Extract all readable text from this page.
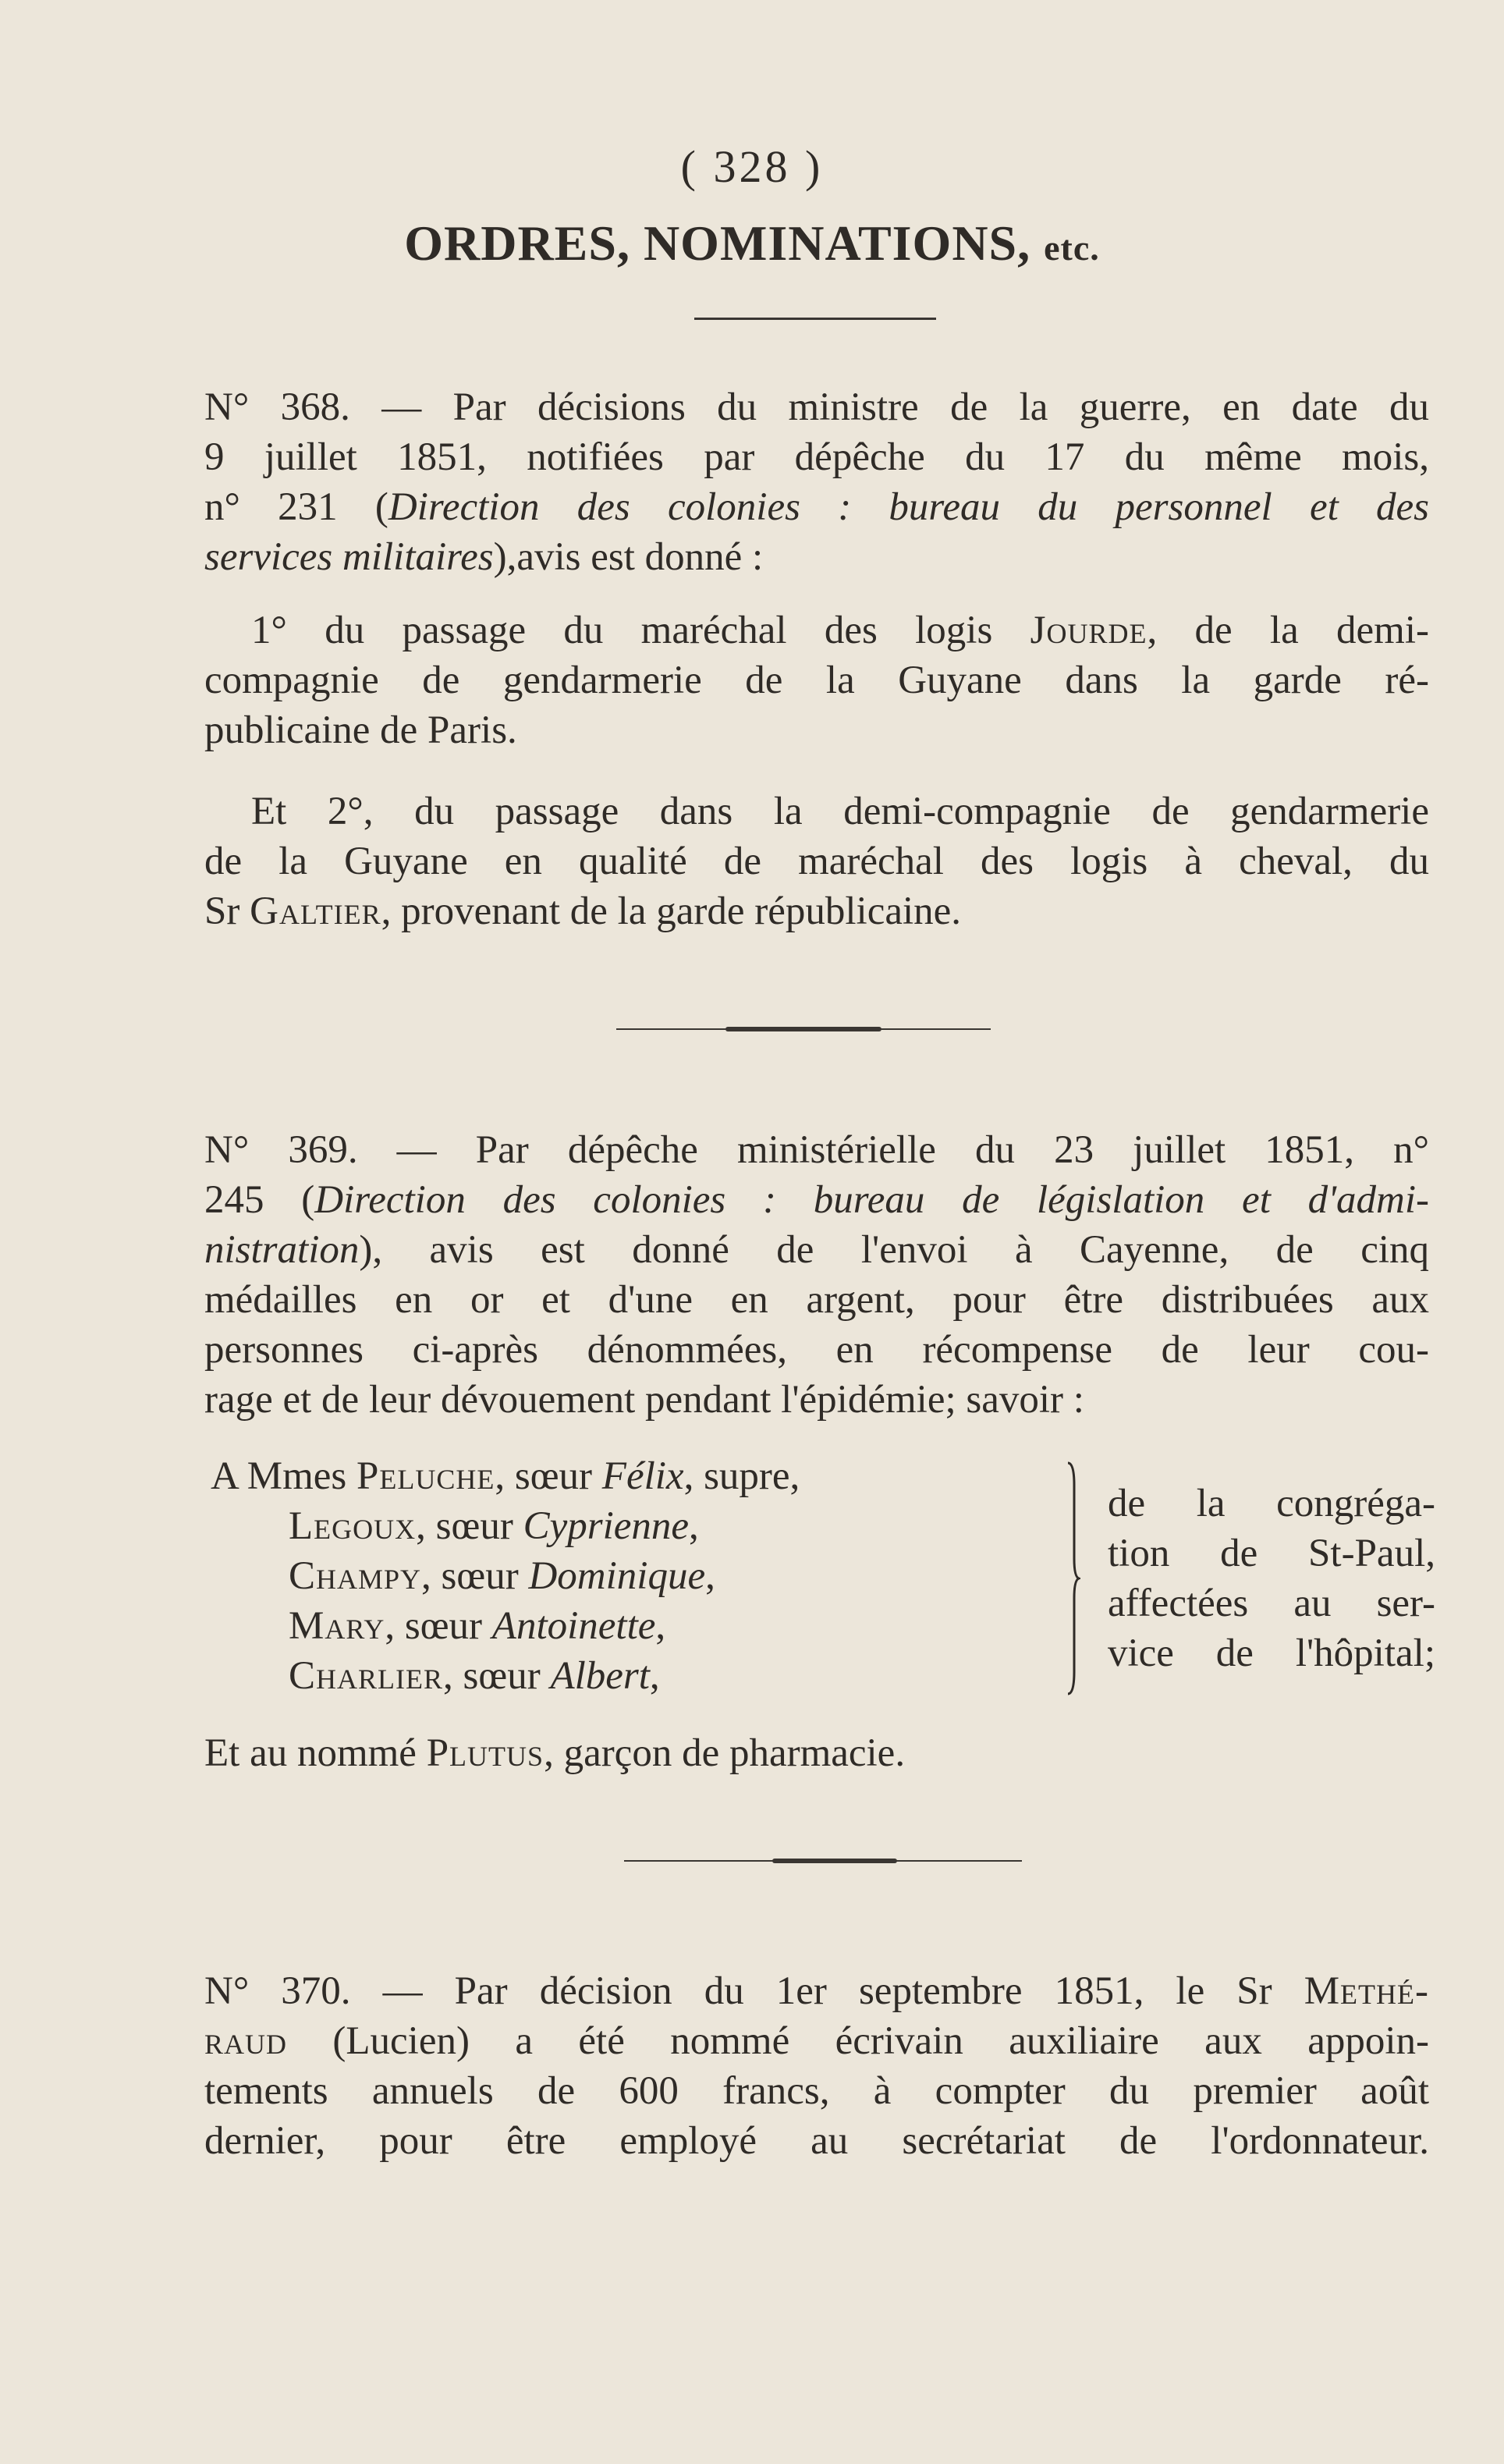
( 328 )
ORDRES, NOMINATIONS, etc.
N° 368. — Par décisions du ministre de la guerre, en date du
9 juillet 1851, notifiées par dépêche du 17 du même mois,
n° 231 (Direction des colonies : bureau du personnel et des
services militaires),avis est donné :
1° du passage du maréchal des logis Jourde, de la demi-
compagnie de gendarmerie de la Guyane dans la garde ré-
publicaine de Paris.
Et 2°, du passage dans la demi-compagnie de gendarmerie
de la Guyane en qualité de maréchal des logis à cheval, du
Sr Galtier, provenant de la garde républicaine.
N° 369. — Par dépêche ministérielle du 23 juillet 1851, n°
245 (Direction des colonies : bureau de législation et d'admi-
nistration), avis est donné de l'envoi à Cayenne, de cinq
médailles en or et d'une en argent, pour être distribuées aux
personnes ci-après dénommées, en récompense de leur cou-
rage et de leur dévouement pendant l'épidémie; savoir :
A Mmes Peluche, sœur Félix, supre,
Legoux, sœur Cyprienne,
Champy, sœur Dominique,
Mary, sœur Antoinette,
Charlier, sœur Albert,
de la congréga-
tion de St-Paul,
affectées au ser-
vice de l'hôpital;
Et au nommé Plutus, garçon de pharmacie.
N° 370. — Par décision du 1er septembre 1851, le Sr Methé-
raud (Lucien) a été nommé écrivain auxiliaire aux appoin-
tements annuels de 600 francs, à compter du premier août
dernier, pour être employé au secrétariat de l'ordonnateur.
